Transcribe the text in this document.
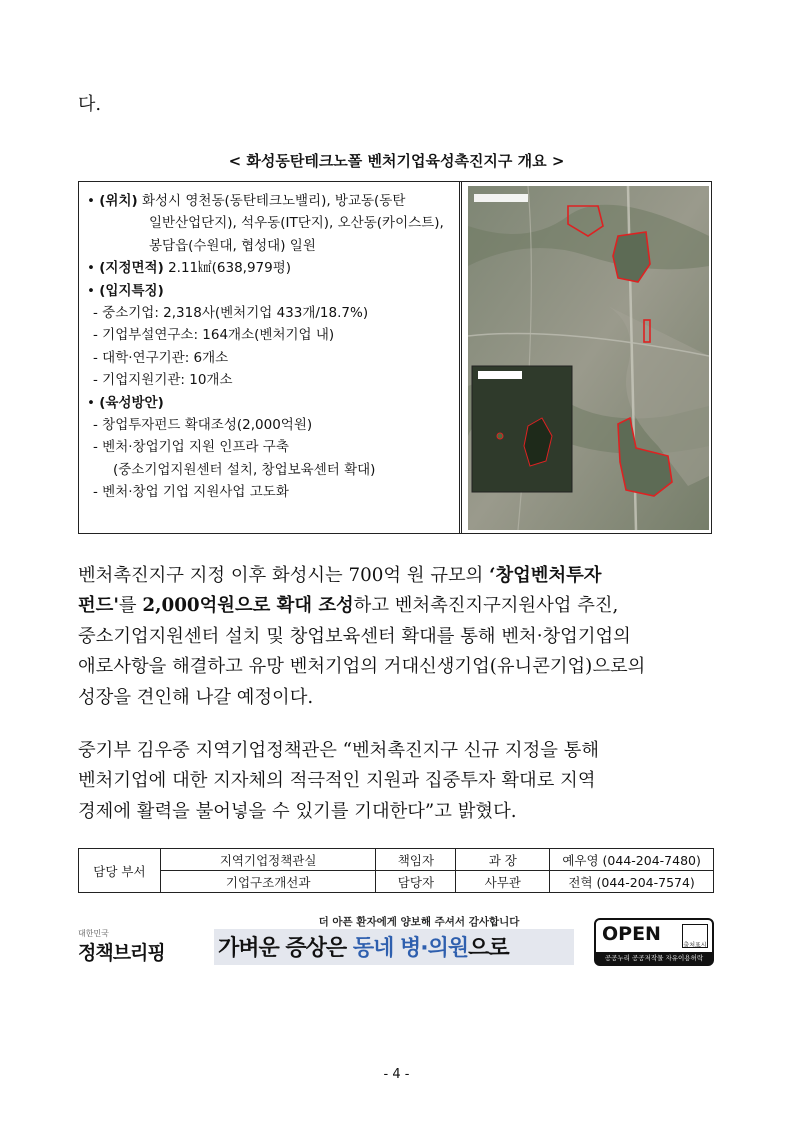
다.
< 화성동탄테크노폴 벤처기업육성촉진지구 개요 >
• (위치) 화성시 영천동(동탄테크노밸리), 방교동(동탄
일반산업단지), 석우동(IT단지), 오산동(카이스트),
봉담읍(수원대, 협성대) 일원
• (지정면적) 2.11㎢(638,979평)
• (입지특징)
- 중소기업: 2,318사(벤처기업 433개/18.7%)
- 기업부설연구소: 164개소(벤처기업 내)
- 대학·연구기관: 6개소
- 기업지원기관: 10개소
• (육성방안)
- 창업투자펀드 확대조성(2,000억원)
- 벤처·창업기업 지원 인프라 구축
(중소기업지원센터 설치, 창업보육센터 확대)
- 벤처·창업 기업 지원사업 고도화
벤처촉진지구 지정 이후 화성시는 700억 원 규모의 ‘창업벤처투자
펀드'를 2,000억원으로 확대 조성하고 벤처촉진지구지원사업 추진,
중소기업지원센터 설치 및 창업보육센터 확대를 통해 벤처·창업기업의
애로사항을 해결하고 유망 벤처기업의 거대신생기업(유니콘기업)으로의
성장을 견인해 나갈 예정이다.
중기부 김우중 지역기업정책관은 “벤처촉진지구 신규 지정을 통해
벤처기업에 대한 지자체의 적극적인 지원과 집중투자 확대로 지역
경제에 활력을 불어넣을 수 있기를 기대한다”고 밝혔다.
담당 부서	지역기업정책관실	책임자	과 장	예우영 (044-204-7480)
	기업구조개선과	담당자	사무관	전혁 (044-204-7574)
대한민국
정책브리핑
더 아픈 환자에게 양보해 주셔서 감사합니다
가벼운 증상은 동네 병·의원으로
OPEN
출처표시
공공누리 공공저작물 자유이용허락
- 4 -
